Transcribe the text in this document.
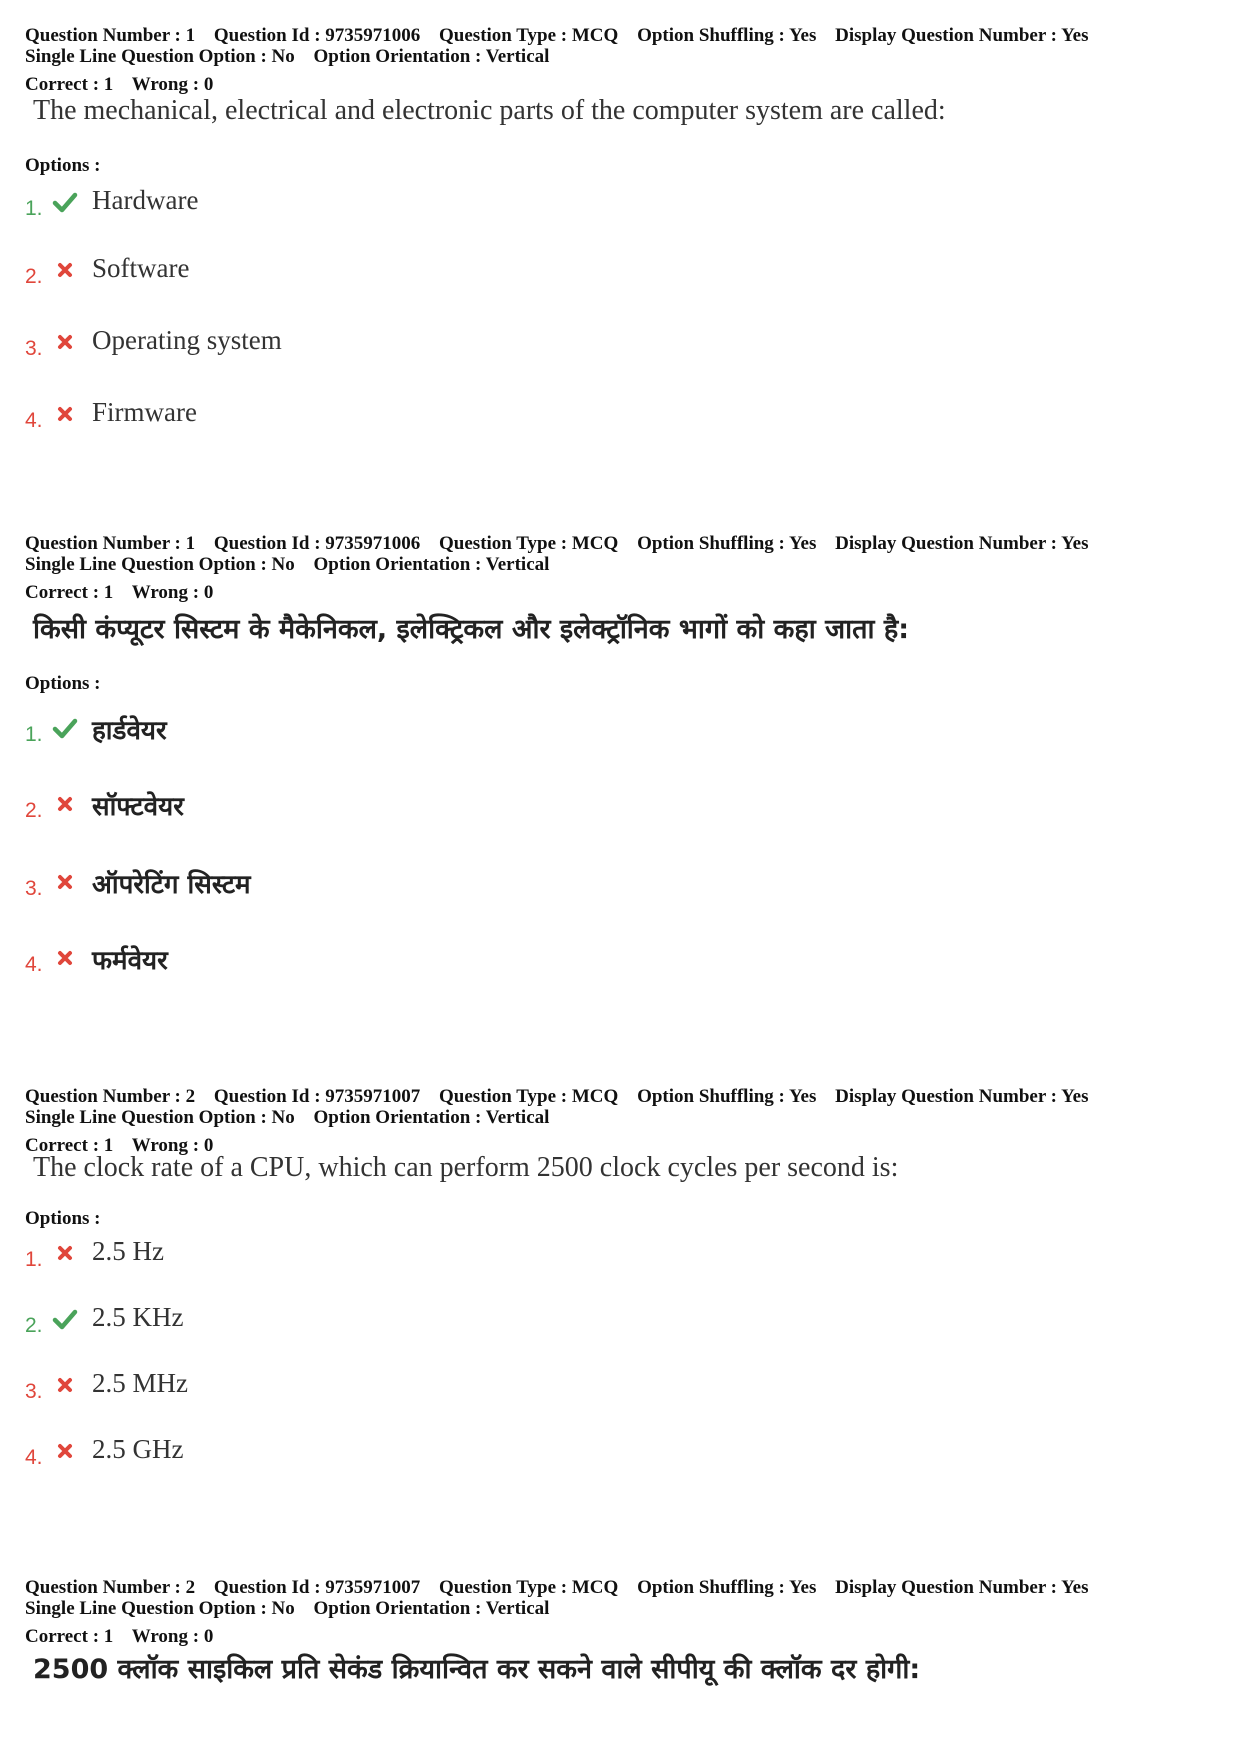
Question Number : 1 Question Id : 9735971006 Question Type : MCQ Option Shuffling : Yes Display Question Number : Yes
Single Line Question Option : No Option Orientation : Vertical
Correct : 1 Wrong : 0
The mechanical, electrical and electronic parts of the computer system are called:
Options :
1. Hardware
2. Software
3. Operating system
4. Firmware
Question Number : 1 Question Id : 9735971006 Question Type : MCQ Option Shuffling : Yes Display Question Number : Yes
Single Line Question Option : No Option Orientation : Vertical
Correct : 1 Wrong : 0
किसी कंप्यूटर सिस्टम के मैकेनिकल, इलेक्ट्रिकल और इलेक्ट्रॉनिक भागों को कहा जाता है:
Options :
1. हार्डवेयर
2. सॉफ्टवेयर
3. ऑपरेटिंग सिस्टम
4. फर्मवेयर
Question Number : 2 Question Id : 9735971007 Question Type : MCQ Option Shuffling : Yes Display Question Number : Yes
Single Line Question Option : No Option Orientation : Vertical
Correct : 1 Wrong : 0
The clock rate of a CPU, which can perform 2500 clock cycles per second is:
Options :
1. 2.5 Hz
2. 2.5 KHz
3. 2.5 MHz
4. 2.5 GHz
Question Number : 2 Question Id : 9735971007 Question Type : MCQ Option Shuffling : Yes Display Question Number : Yes
Single Line Question Option : No Option Orientation : Vertical
Correct : 1 Wrong : 0
2500 क्लॉक साइकिल प्रति सेकंड क्रियान्वित कर सकने वाले सीपीयू की क्लॉक दर होगी:
